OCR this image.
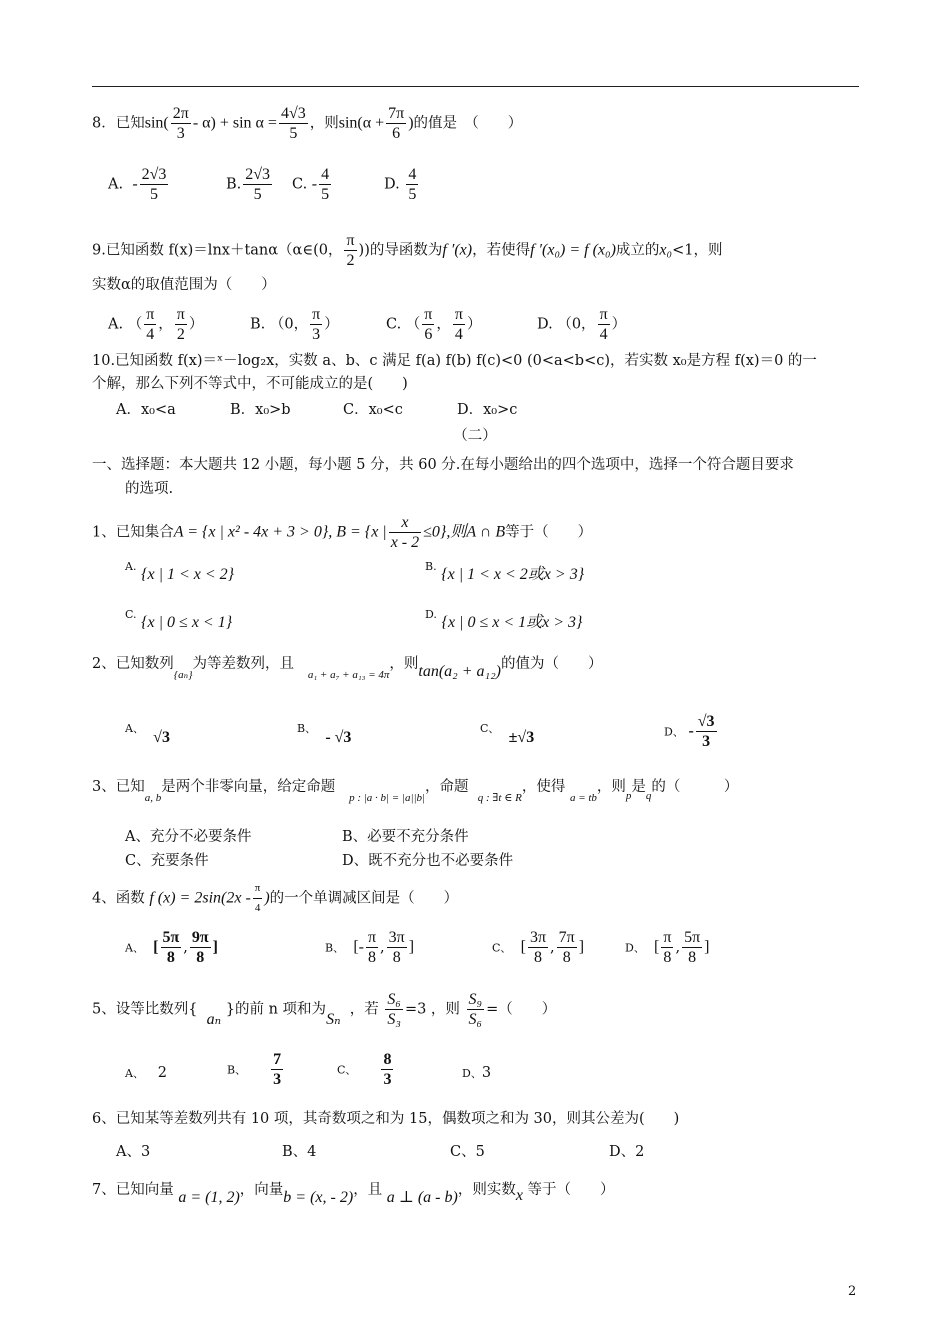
8．已知$\sin( \frac{2\pi}{3} - \alpha) + \sin \alpha = \frac{4√3}{5}$ ，则$\sin(\alpha + \frac{7\pi}{6}$ )的值是　（　　）
A. - $\frac{2√3}{5}$	B. $\frac{2√3}{5} C$. - $\frac{4}{5}$	D. $\frac{4}{5}$
9.已知函数 f(x)＝lnx＋tanα（α∈(0， $\frac{\pi}{2}$ ))的导函数为f ′(x)，若使得f ′(x₀) = f (x₀)成立的x₀<1，则
实数α的取值范围为（　　）
A. （ $\frac{\pi}{4}$ ， $\frac{\pi}{2}$ ）	B. （0， $\frac{\pi}{3}$ ）	C. （ $\frac{\pi}{6}$ ， $\frac{\pi}{4}$ ）	D. （0， $\frac{\pi}{4}$ ）
10.已知函数 f(x)＝ˣ－log₂x，实数 a、b、c 满足 f(a) f(b) f(c)<0 (0<a<b<c)，若实数 x₀是方程 f(x)＝0 的一
个解，那么下列不等式中，不可能成立的是(　　)
A．x₀<a	B．x₀>b	C．x₀<c	D．x₀>c
（二）
一、选择题：本大题共 12 小题，每小题 5 分，共 60 分.在每小题给出的四个选项中，选择一个符合题目要求
的选项.
1、已知集合A = {x | x² - 4x + 3 > 0}, B = {x | $\frac{x}{x - 2} \le 0$},则A ∩ B等于（　　）
$^{A.}$ {x | 1 < x < 2}	$^{B.}$ {x | 1 < x < 2或x > 3}
$^{C.}$ {x | 0 ≤ x < 1}	$^{D.}$ {x | 0 ≤ x < 1或x > 3}
2、已知数列$_{\{a_n\}}$为等差数列，且   $_{a_1 + a_7 + a_{13} = 4\pi}$，则tan(a₂ + a₁₂)的值为（　　）
A、  √3
B、  - √3
C、  ±√3	D、 - $\frac{√3}{3}$
3、已知$_{a, b}$是两个非零向量，给定命题   $_{p : |a \cdot b| = |a||b|}$，命题  $_{q : \exists t \in R}$，使得 $_{a = tb}$，则$_p$是$_q$的（　　　）
A、充分不必要条件	B、必要不充分条件
C、充要条件	D、既不充分也不必要条件
4、函数 f $(x) = 2\sin(2x - \frac{\pi}{4}$ )的一个单调减区间是（　　）
A、 [ $\frac{5\pi}{8}$ , $\frac{9\pi}{8}$ ]	B、 [- $\frac{\pi}{8}$ , $\frac{3\pi}{8}$ ]	C、 [ $\frac{3\pi}{8}$ , $\frac{7\pi}{8}$ ]	D、 [ $\frac{\pi}{8}$ , $\frac{5\pi}{8}$ ]
5、设等比数列{  aₙ }的前 n 项和为Sₙ  ，若 $\frac{\text{S₆}}{\text{S₃}} =3$ ，则 $\frac{\text{S₉}}{\text{S₆}}$ =（　　）
A、 2	B、 $\frac{7}{3}$	C、 $\frac{8}{3}$	D、3
6、已知某等差数列共有 10 项，其奇数项之和为 15，偶数项之和为 30，则其公差为(　　)
A、3	B、4	C、5	D、2
7、已知向量 a = (1, 2)，向量b = (x, - 2)，且 a ⊥ (a - b)，则实数x 等于（　　）
2
